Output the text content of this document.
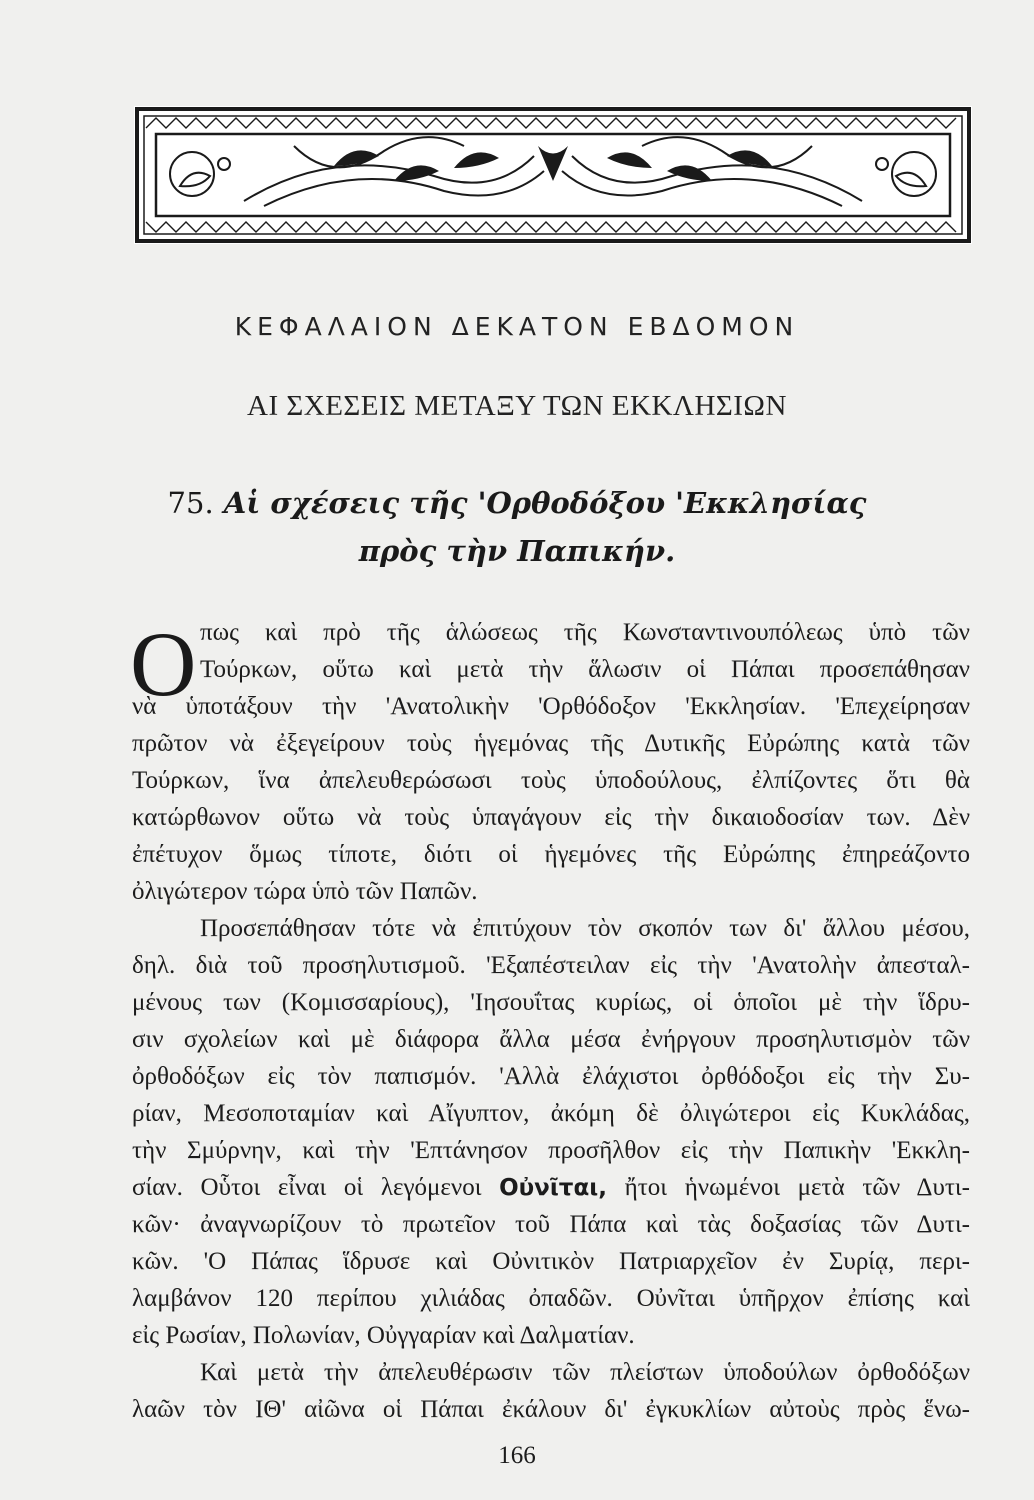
ΚΕΦΑΛΑΙΟΝ ΔΕΚΑΤΟΝ ΕΒΔΟΜΟΝ
ΑΙ ΣΧΕΣΕΙΣ ΜΕΤΑΞΥ ΤΩΝ ΕΚΚΛΗΣΙΩΝ
75. Αἱ σχέσεις τῆς 'Ορθοδόξου 'Εκκλησίας
πρὸς τὴν Παπικήν.
Ο πως καὶ πρὸ τῆς ἁλώσεως τῆς Κωνσταντινουπόλεως ὑπὸ τῶν
Τούρκων, οὕτω καὶ μετὰ τὴν ἅλωσιν οἱ Πάπαι προσεπάθησαν
νὰ ὑποτάξουν τὴν 'Ανατολικὴν 'Ορθόδοξον 'Εκκλησίαν. 'Επεχείρησαν
πρῶτον νὰ ἐξεγείρουν τοὺς ἡγεμόνας τῆς Δυτικῆς Εὐρώπης κατὰ τῶν
Τούρκων, ἵνα ἀπελευθερώσωσι τοὺς ὑποδούλους, ἐλπίζοντες ὅτι θὰ
κατώρθωνον οὕτω νὰ τοὺς ὑπαγάγουν εἰς τὴν δικαιοδοσίαν των. Δὲν
ἐπέτυχον ὅμως τίποτε, διότι οἱ ἡγεμόνες τῆς Εὐρώπης ἐπηρεάζοντο
ὀλιγώτερον τώρα ὑπὸ τῶν Παπῶν.
Προσεπάθησαν τότε νὰ ἐπιτύχουν τὸν σκοπόν των δι' ἄλλου μέσου,
δηλ. διὰ τοῦ προσηλυτισμοῦ. 'Εξαπέστειλαν εἰς τὴν 'Ανατολὴν ἀπεσταλ-
μένους των (Κομισσαρίους), 'Ιησουΐτας κυρίως, οἱ ὁποῖοι μὲ τὴν ἵδρυ-
σιν σχολείων καὶ μὲ διάφορα ἄλλα μέσα ἐνήργουν προσηλυτισμὸν τῶν
ὀρθοδόξων εἰς τὸν παπισμόν. 'Αλλὰ ἐλάχιστοι ὀρθόδοξοι εἰς τὴν Συ-
ρίαν, Μεσοποταμίαν καὶ Αἴγυπτον, ἀκόμη δὲ ὀλιγώτεροι εἰς Κυκλάδας,
τὴν Σμύρνην, καὶ τὴν 'Επτάνησον προσῆλθον εἰς τὴν Παπικὴν 'Εκκλη-
σίαν. Οὗτοι εἶναι οἱ λεγόμενοι Οὐνῖται, ἤτοι ἡνωμένοι μετὰ τῶν Δυτι-
κῶν· ἀναγνωρίζουν τὸ πρωτεῖον τοῦ Πάπα καὶ τὰς δοξασίας τῶν Δυτι-
κῶν. 'Ο Πάπας ἵδρυσε καὶ Οὐνιτικὸν Πατριαρχεῖον ἐν Συρίᾳ, περι-
λαμβάνον 120 περίπου χιλιάδας ὀπαδῶν. Οὐνῖται ὑπῆρχον ἐπίσης καὶ
εἰς Ρωσίαν, Πολωνίαν, Οὐγγαρίαν καὶ Δαλματίαν.
Καὶ μετὰ τὴν ἀπελευθέρωσιν τῶν πλείστων ὑποδούλων ὀρθοδόξων
λαῶν τὸν ΙΘ' αἰῶνα οἱ Πάπαι ἐκάλουν δι' ἐγκυκλίων αὐτοὺς πρὸς ἕνω-
166
